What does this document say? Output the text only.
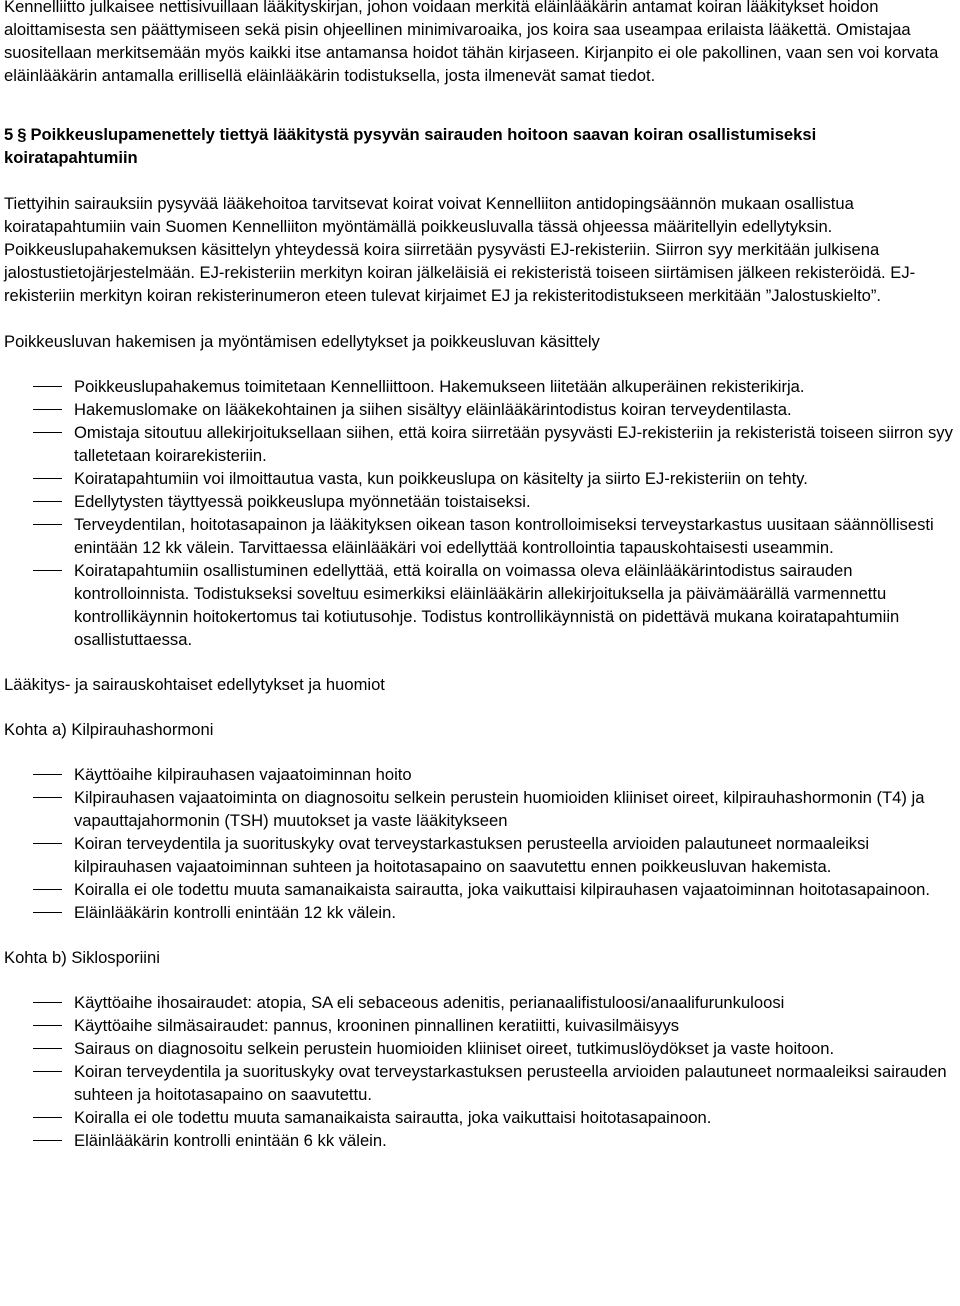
Kennelliitto julkaisee nettisivuillaan lääkityskirjan, johon voidaan merkitä eläinlääkärin antamat koiran lääkitykset hoidon aloittamisesta sen päättymiseen sekä pisin ohjeellinen minimivaroaika, jos koira saa useampaa erilaista lääkettä. Omistajaa suositellaan merkitsemään myös kaikki itse antamansa hoidot tähän kirjaseen. Kirjanpito ei ole pakollinen, vaan sen voi korvata eläinlääkärin antamalla erillisellä eläinlääkärin todistuksella, josta ilmenevät samat tiedot.

5 § Poikkeuslupamenettely tiettyä lääkitystä pysyvän sairauden hoitoon saavan koiran osallistumiseksi koiratapahtumiin

Tiettyihin sairauksiin pysyvää lääkehoitoa tarvitsevat koirat voivat Kennelliiton antidopingsäännön mukaan osallistua koiratapahtumiin vain Suomen Kennelliiton myöntämällä poikkeusluvalla tässä ohjeessa määritellyin edellytyksin. Poikkeuslupahakemuksen käsittelyn yhteydessä koira siirretään pysyvästi EJ-rekisteriin. Siirron syy merkitään julkisena jalostustietojärjestelmään. EJ-rekisteriin merkityn koiran jälkeläisiä ei rekisteristä toiseen siirtämisen jälkeen rekisteröidä. EJ-rekisteriin merkityn koiran rekisterinumeron eteen tulevat kirjaimet EJ ja rekisteritodistukseen merkitään ”Jalostuskielto”.

Poikkeusluvan hakemisen ja myöntämisen edellytykset ja poikkeusluvan käsittely

Poikkeuslupahakemus toimitetaan Kennelliittoon. Hakemukseen liitetään alkuperäinen rekisterikirja.
Hakemuslomake on lääkekohtainen ja siihen sisältyy eläinlääkärintodistus koiran terveydentilasta.
Omistaja sitoutuu allekirjoituksellaan siihen, että koira siirretään pysyvästi EJ-rekisteriin ja rekisteristä toiseen siirron syy talletetaan koirarekisteriin.
Koiratapahtumiin voi ilmoittautua vasta, kun poikkeuslupa on käsitelty ja siirto EJ-rekisteriin on tehty.
Edellytysten täyttyessä poikkeuslupa myönnetään toistaiseksi.
Terveydentilan, hoitotasapainon ja lääkityksen oikean tason kontrolloimiseksi terveystarkastus uusitaan säännöllisesti enintään 12 kk välein. Tarvittaessa eläinlääkäri voi edellyttää kontrollointia tapauskohtaisesti useammin.
Koiratapahtumiin osallistuminen edellyttää, että koiralla on voimassa oleva eläinlääkärintodistus sairauden kontrolloinnista. Todistukseksi soveltuu esimerkiksi eläinlääkärin allekirjoituksella ja päivämäärällä varmennettu kontrollikäynnin hoitokertomus tai kotiutusohje. Todistus kontrollikäynnistä on pidettävä mukana koiratapahtumiin osallistuttaessa.

Lääkitys- ja sairauskohtaiset edellytykset ja huomiot

Kohta a) Kilpirauhashormoni

Käyttöaihe kilpirauhasen vajaatoiminnan hoito
Kilpirauhasen vajaatoiminta on diagnosoitu selkein perustein huomioiden kliiniset oireet, kilpirauhashormonin (T4) ja vapauttajahormonin (TSH) muutokset ja vaste lääkitykseen
Koiran terveydentila ja suorituskyky ovat terveystarkastuksen perusteella arvioiden palautuneet normaaleiksi kilpirauhasen vajaatoiminnan suhteen ja hoitotasapaino on saavutettu ennen poikkeusluvan hakemista.
Koiralla ei ole todettu muuta samanaikaista sairautta, joka vaikuttaisi kilpirauhasen vajaatoiminnan hoitotasapainoon.
Eläinlääkärin kontrolli enintään 12 kk välein.

Kohta b) Siklosporiini

Käyttöaihe ihosairaudet: atopia, SA eli sebaceous adenitis, perianaalifistuloosi/anaalifurunkuloosi
Käyttöaihe silmäsairaudet: pannus, krooninen pinnallinen keratiitti, kuivasilmäisyys
Sairaus on diagnosoitu selkein perustein huomioiden kliiniset oireet, tutkimuslöydökset ja vaste hoitoon.
Koiran terveydentila ja suorituskyky ovat terveystarkastuksen perusteella arvioiden palautuneet normaaleiksi sairauden suhteen ja hoitotasapaino on saavutettu.
Koiralla ei ole todettu muuta samanaikaista sairautta, joka vaikuttaisi hoitotasapainoon.
Eläinlääkärin kontrolli enintään 6 kk välein.
